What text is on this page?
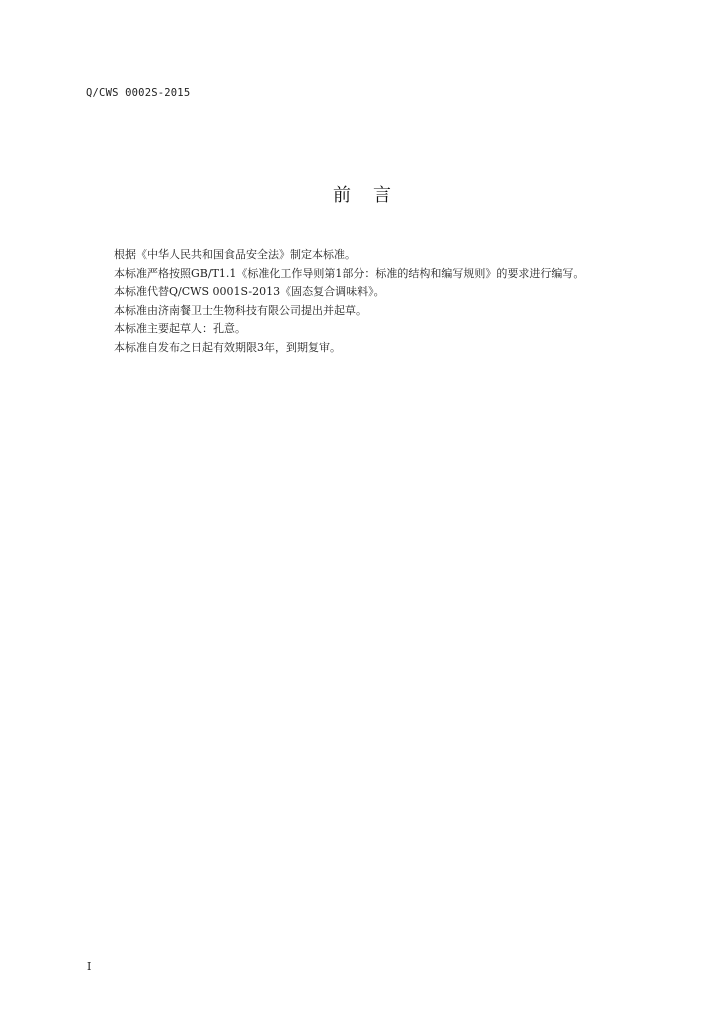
Q/CWS 0002S-2015
前言
根据《中华人民共和国食品安全法》制定本标准。
本标准严格按照GB/T1.1《标准化工作导则第1部分：标准的结构和编写规则》的要求进行编写。
本标准代替Q/CWS 0001S-2013《固态复合调味料》。
本标准由济南餐卫士生物科技有限公司提出并起草。
本标准主要起草人：孔意。
本标准自发布之日起有效期限3年，到期复审。
I
